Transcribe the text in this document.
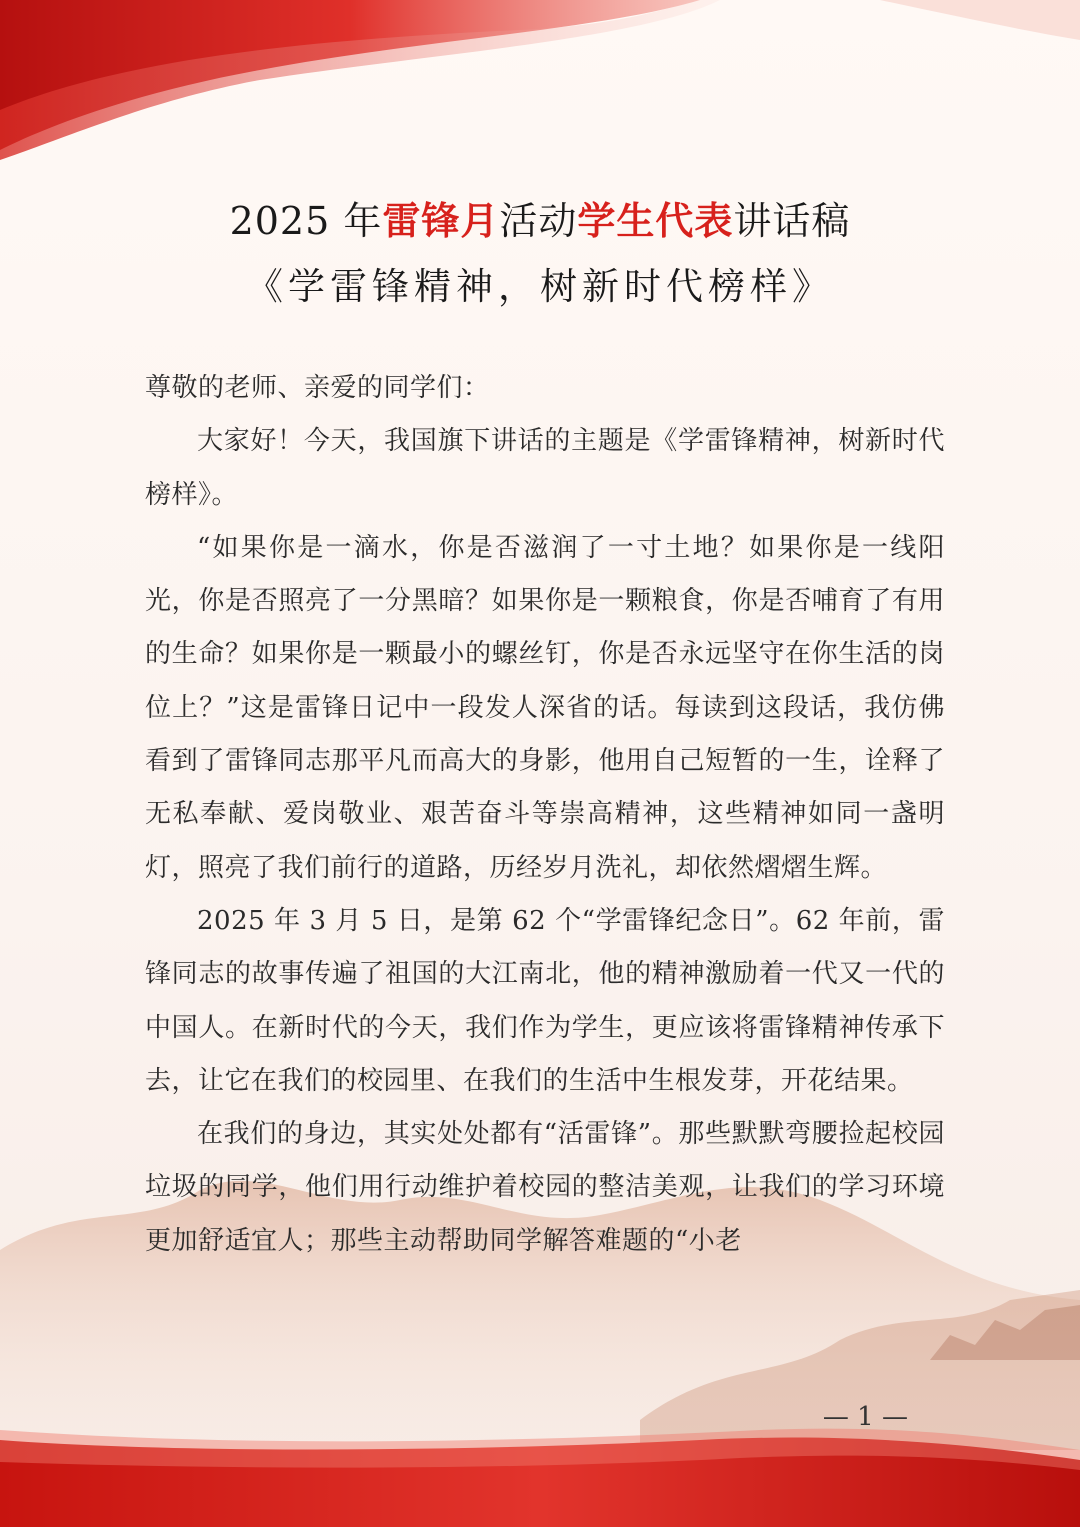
2025 年雷锋月活动学生代表讲话稿
《学雷锋精神，树新时代榜样》

尊敬的老师、亲爱的同学们：

大家好！今天，我国旗下讲话的主题是《学雷锋精神，树新时代榜样》。

“如果你是一滴水，你是否滋润了一寸土地？如果你是一线阳光，你是否照亮了一分黑暗？如果你是一颗粮食，你是否哺育了有用的生命？如果你是一颗最小的螺丝钉，你是否永远坚守在你生活的岗位上？”这是雷锋日记中一段发人深省的话。每读到这段话，我仿佛看到了雷锋同志那平凡而高大的身影，他用自己短暂的一生，诠释了无私奉献、爱岗敬业、艰苦奋斗等崇高精神，这些精神如同一盏明灯，照亮了我们前行的道路，历经岁月洗礼，却依然熠熠生辉。

2025 年 3 月 5 日，是第 62 个“学雷锋纪念日”。62 年前，雷锋同志的故事传遍了祖国的大江南北，他的精神激励着一代又一代的中国人。在新时代的今天，我们作为学生，更应该将雷锋精神传承下去，让它在我们的校园里、在我们的生活中生根发芽，开花结果。

在我们的身边，其实处处都有“活雷锋”。那些默默弯腰捡起校园垃圾的同学，他们用行动维护着校园的整洁美观，让我们的学习环境更加舒适宜人；那些主动帮助同学解答难题的“小老

— 1 —
